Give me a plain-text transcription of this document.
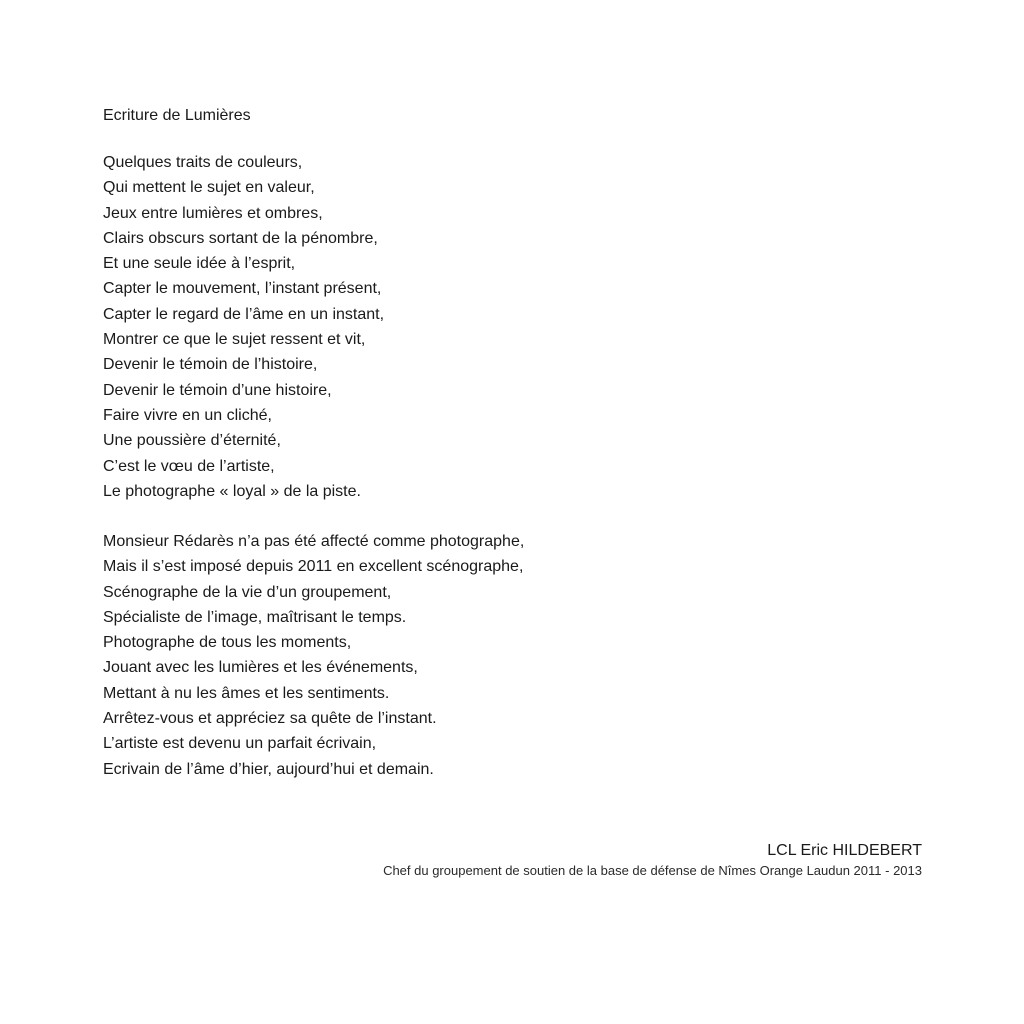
Ecriture de Lumières
Quelques traits de couleurs,
Qui mettent le sujet en valeur,
Jeux entre lumières et ombres,
Clairs obscurs sortant de la pénombre,
Et une seule idée à l’esprit,
Capter le mouvement, l’instant présent,
Capter le regard de l’âme en un instant,
Montrer ce que le sujet ressent et vit,
Devenir le témoin de l’histoire,
Devenir le témoin d’une histoire,
Faire vivre en un cliché,
Une poussière d’éternité,
C’est le vœu de l’artiste,
Le photographe « loyal » de la piste.
Monsieur Rédarès n’a pas été affecté comme photographe,
Mais il s’est imposé depuis 2011 en excellent scénographe,
Scénographe de la vie d’un groupement,
Spécialiste de l’image, maîtrisant le temps.
Photographe de tous les moments,
Jouant avec les lumières et les événements,
Mettant à nu les âmes et les sentiments.
Arrêtez-vous et appréciez sa quête de l’instant.
L’artiste est devenu un parfait écrivain,
Ecrivain de l’âme d’hier, aujourd’hui et demain.
LCL Eric HILDEBERT
Chef du groupement de soutien de la base de défense de Nîmes Orange Laudun 2011 - 2013
